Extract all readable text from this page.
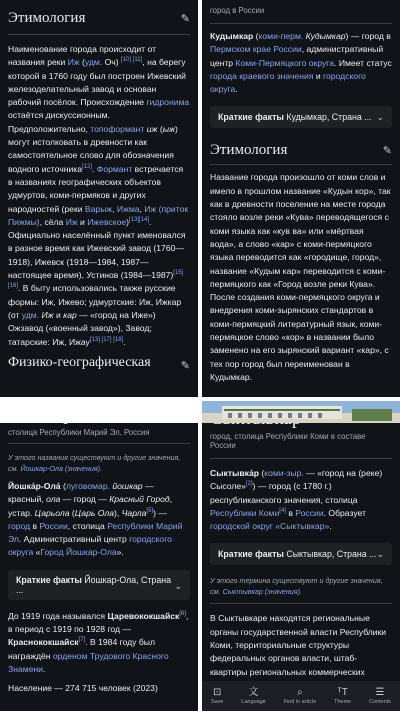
Этимология	✎

Наименование города происходит от названия реки Иж (удм. Оч) [10] [11], на берегу которой в 1760 году был построен Ижевский железоделательный завод и основан рабочий посёлок. Происхождение гидронима остаётся дискуссионным. Предположительно, топоформант иж (ыж) могут истолковать в древности как самостоятельное слово для обозначения водного источника[12]. Формант встречается в названиях географических объектов удмуртов, коми-пермяков и других народностей (реки Варыж, Ижма, Иж (приток Пижмы), сёла Иж и Ижевское)[13][14]. Официально населённый пункт именовался в разное время как Ижевский завод (1760—1918), Ижевск (1918—1984, 1987—настоящее время), Устинов (1984—1987)[15] [16]. В быту использовались также русские формы: Иж, Ижево; удмуртские: Иж, Ижкар (от удм. Иж и кар — «город на Иже») Ожзавод («военный завод»), Завод; татарские: Иж, Ижау[13] [17] [18].

Физико-географическая	✎
город в России

Кудымкар (коми-перм. Кудымкар) — город в Пермском крае России, административный центр Коми-Пермяцкого округа. Имеет статус города краевого значения и городского округа.

Краткие факты Кудымкар, Страна ... ⌄
Этимология	✎

Название города произошло от коми слов и имело в прошлом название «Кудын кор», так как в древности поселение на месте города стояло возле реки «Кува» переводящегося с коми языка как «кув ва» или «мёртвая вода», а слово «кар» с коми-пермяцкого языка переводится как «городище, город», название «Кудым кар» переводится с коми-пермяцкого как «Город возле реки Кува». После создания коми-пермяцкого округа и внедрения коми-зырянских стандартов в коми-пермяцкий литературный язык, коми-пермяцкое слово «кор» в названии было заменено на его зырянский вариант «кар», с тех пор город был переименован в Кудымкар.

столица Республики Марий Эл, Россия

У этого названия существуют и другие значения, см. Йошкар-Ола (значения).

Йошка́р-Ола́ (луговомар. йошкар — красный, ола — город — Красный Город, устар. Царьола (Царь Ола), Чарла[5]) — город в России, столица Республики Марий Эл. Административный центр городского округа «Город Йошкар-Ола».

Краткие факты Йошкар-Ола, Страна ...	⌄

До 1919 года назывался Царевококшайск[6], в период с 1919 по 1928 год — Краснококшайск[7]. В 1984 году был награждён орденом Трудового Красного Знамени.

Население — 274 715 человек (2023)

город, столица Республики Коми в составе России

Сыктывка́р (коми-зыр. — «город на (реке) Сысоле»[2]) — город (с 1780 г.) республиканского значения, столица Республики Коми[4] в России. Образует городской округ «Сыктывкар».

Краткие факты Сыктывкар, Страна ... ⌄

У этого термина существуют и другие значения, см. Сыктывкар (значения).

В Сыктывкаре находятся региональные органы государственной власти Республики Коми, территориальные структуры федеральных органов власти, штаб-квартиры региональных коммерческих

⊡
Save
文
Language
⌕
Find in article
ᵀT
Theme
☰
Contents
